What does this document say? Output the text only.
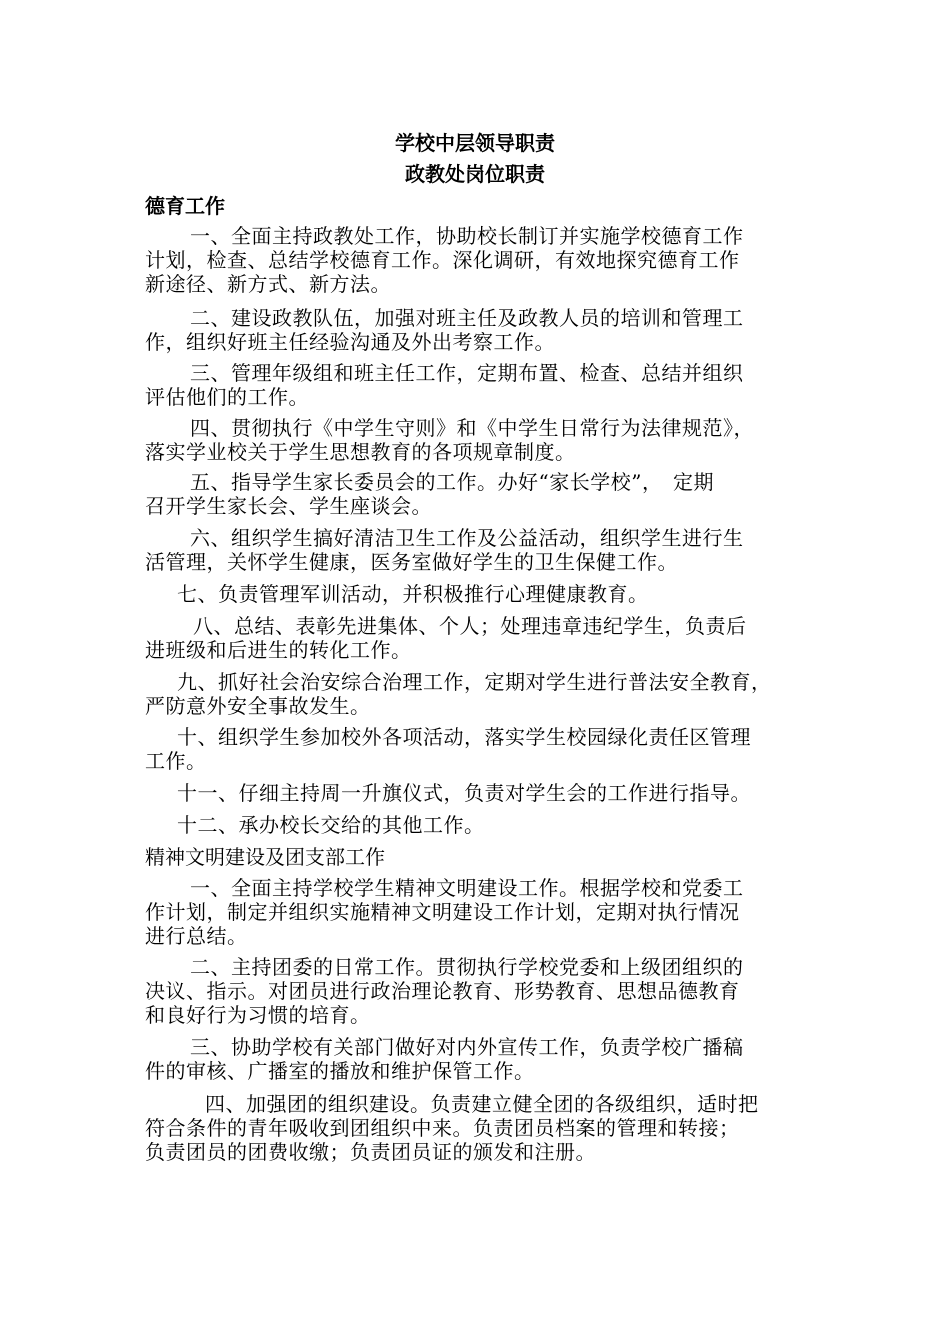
学校中层领导职责
政教处岗位职责
德育工作
一、全面主持政教处工作，协助校长制订并实施学校德育工作
计划，检查、总结学校德育工作。深化调研，有效地探究德育工作
新途径、新方式、新方法。
二、建设政教队伍，加强对班主任及政教人员的培训和管理工
作，组织好班主任经验沟通及外出考察工作。
三、管理年级组和班主任工作，定期布置、检查、总结并组织
评估他们的工作。
四、贯彻执行《中学生守则》和《中学生日常行为法律规范》，
落实学业校关于学生思想教育的各项规章制度。
五、指导学生家长委员会的工作。办好“家长学校”，　定期
召开学生家长会、学生座谈会。
六、组织学生搞好清洁卫生工作及公益活动，组织学生进行生
活管理，关怀学生健康，医务室做好学生的卫生保健工作。
七、负责管理军训活动，并积极推行心理健康教育。
八、总结、表彰先进集体、个人；处理违章违纪学生，负责后
进班级和后进生的转化工作。
九、抓好社会治安综合治理工作，定期对学生进行普法安全教育，
严防意外安全事故发生。
十、组织学生参加校外各项活动，落实学生校园绿化责任区管理
工作。
十一、仔细主持周一升旗仪式，负责对学生会的工作进行指导。
十二、承办校长交给的其他工作。
精神文明建设及团支部工作
一、全面主持学校学生精神文明建设工作。根据学校和党委工
作计划，制定并组织实施精神文明建设工作计划，定期对执行情况
进行总结。
二、主持团委的日常工作。贯彻执行学校党委和上级团组织的
决议、指示。对团员进行政治理论教育、形势教育、思想品德教育
和良好行为习惯的培育。
三、协助学校有关部门做好对内外宣传工作，负责学校广播稿
件的审核、广播室的播放和维护保管工作。
四、加强团的组织建设。负责建立健全团的各级组织，适时把
符合条件的青年吸收到团组织中来。负责团员档案的管理和转接；
负责团员的团费收缴；负责团员证的颁发和注册。
